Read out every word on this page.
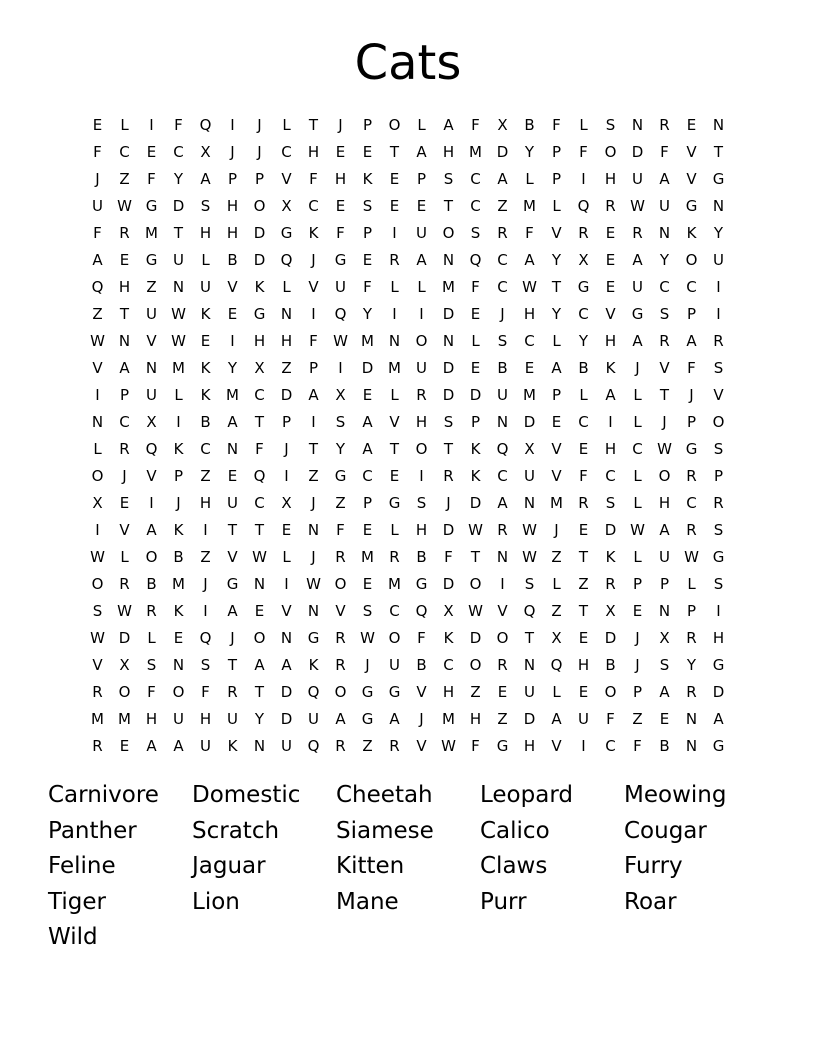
Cats
E	L	I	F	Q	I	J	L	T	J	P	O	L	A	F	X	B	F	L	S	N	R	E	N
F	C	E	C	X	J	J	C	H	E	E	T	A	H M D	Y	P	F	O	D	F	V	T
J	Z	F	Y	A	P	P	V	F	H	K	E	P	S	C	A	L	P	I	H	U	A	V	G
U W G	D	S	H	O	X	C	E	S	E	E	T	C	Z	M	L	Q	R W U	G	N
F	R	M	T	H	H	D	G	K	F	P	I	U	O	S	R	F	V	R	E	R	N	K	Y
A	E	G	U	L	B	D	Q	J	G	E	R	A	N	Q	C	A	Y	X	E	A	Y	O	U
Q	H	Z	N	U	V	K	L	V	U	F	L	L	M	F	C W T	G	E	U	C	C	I
Z	T	U W K	E	G	N	I	Q	Y	I	I	D	E	J	H	Y	C	V	G	S	P	I
W N	V W E	I	H	H	F	W M N	O	N	L	S	C	L	Y	H	A	R	A	R
V	A	N M	K	Y	X	Z	P	I	D M	U	D	E	B	E	A	B	K	J	V	F	S
I	P	U	L	K	M	C	D	A	X	E	L	R	D	D	U	M	P	L	A	L	T	J	V
N	C	X	I	B	A	T	P	I	S	A	V	H	S	P	N	D	E	C	I	L	J	P	O
L	R	Q	K	C	N	F	J	T	Y	A	T	O	T	K	Q	X	V	E	H	C W G	S
O	J	V	P	Z	E	Q	I	Z	G	C	E	I	R	K	C	U	V	F	C	L	O	R	P
X	E	I	J	H	U	C	X	J	Z	P	G	S	J	D	A	N M	R	S	L	H	C	R
I	V	A	K	I	T	T	E	N	F	E	L	H	D W R W	J	E	D W A	R	S
W	L	O	B	Z	V W	L	J	R	M	R	B	F	T	N W Z	T	K	L	U W G
O	R	B	M	J	G	N	I	W O	E	M G	D	O	I	S	L	Z	R	P	P	L	S
S W R	K	I	A	E	V	N	V	S	C	Q	X W V	Q	Z	T	X	E	N	P	I
W D	L	E	Q	J	O	N	G	R W O	F	K	D	O	T	X	E	D	J	X	R	H
V	X	S	N	S	T	A	A	K	R	J	U	B	C	O	R	N	Q	H	B	J	S	Y	G
R	O	F	O	F	R	T	D	Q	O	G	G	V	H	Z	E	U	L	E	O	P	A	R	D
M M H	U	H	U	Y	D	U	A	G	A	J	M H	Z	D	A	U	F	Z	E	N	A
R	E	A	A	U	K	N	U	Q	R	Z	R	V W	F	G	H	V	I	C	F	B	N	G
Carnivore	Domestic	Cheetah	Leopard	Meowing
Panther	Scratch	Siamese	Calico	Cougar
Feline	Jaguar	Kitten	Claws	Furry
Tiger	Lion	Mane	Purr	Roar
Wild
